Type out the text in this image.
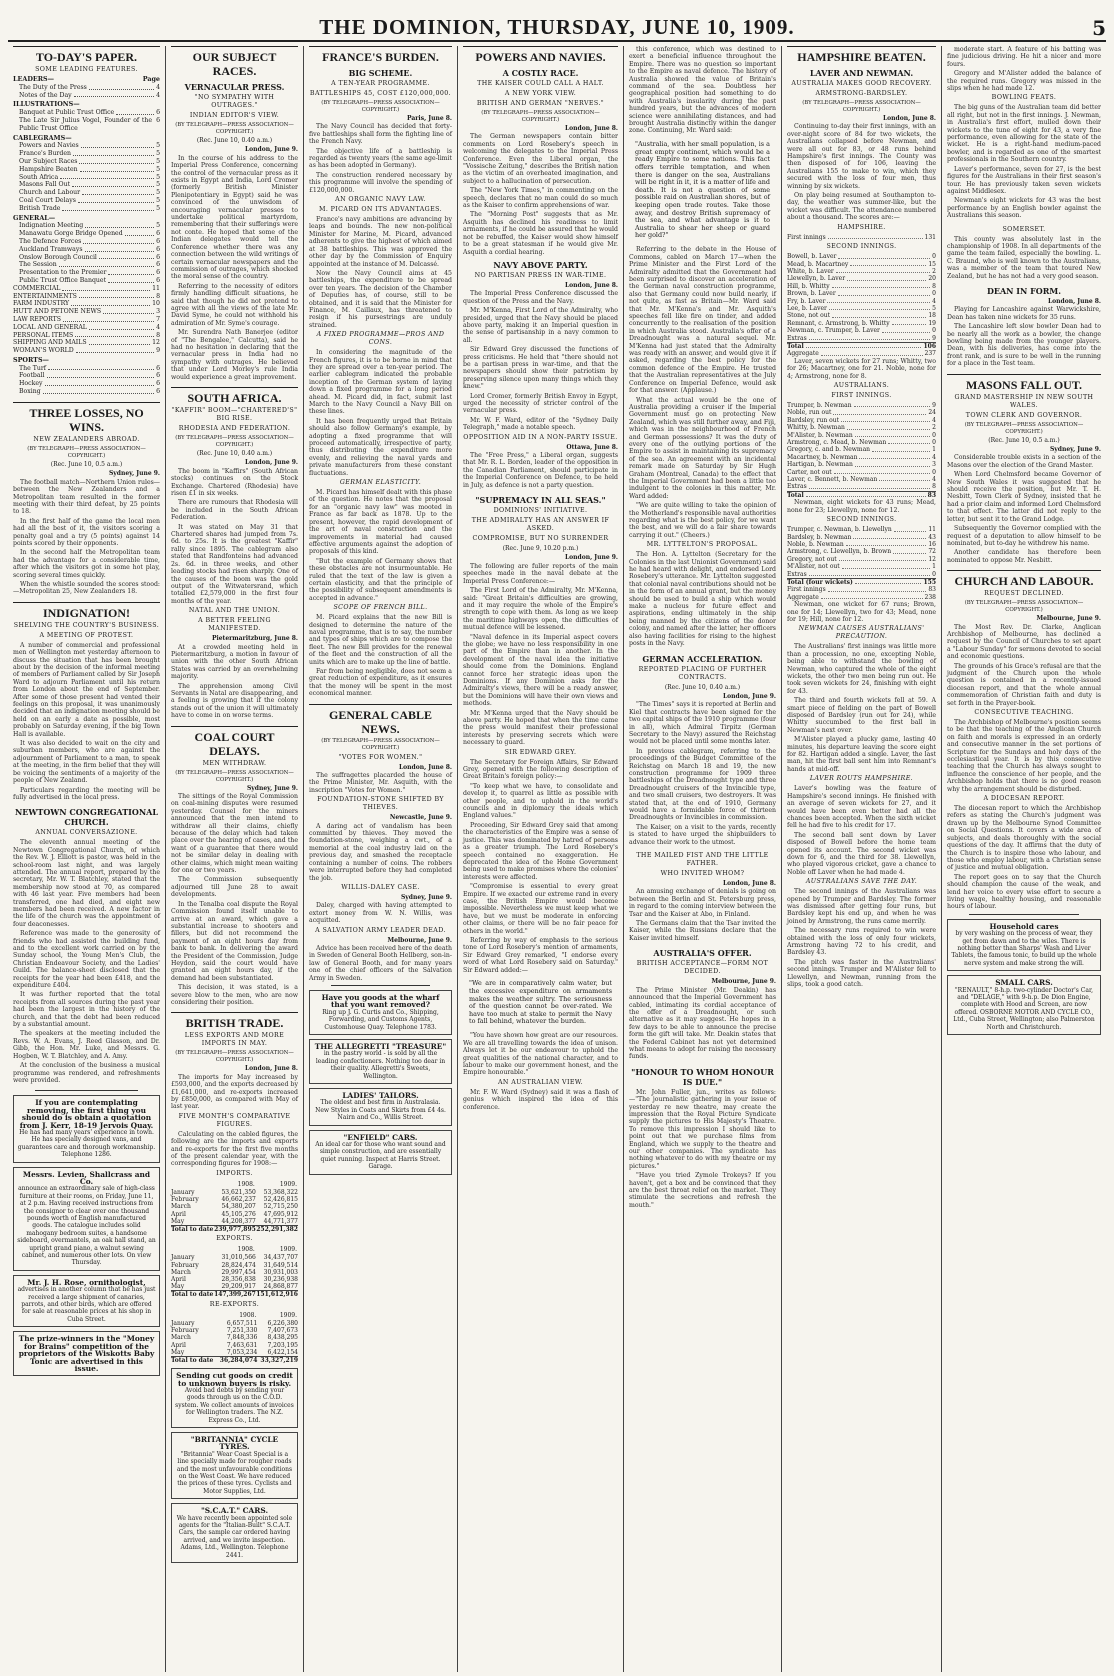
THE DOMINION, THURSDAY, JUNE 10, 1909.	5
TO-DAY'S PAPER.
SOME LEADING FEATURES.
LEADERS—	Page
The Duty of the Press	4
Notes of the Day	4
ILLUSTRATIONS—
Banquet at Public Trust Office	6
The Late Sir Julius Vogel, Founder of the Public Trust Office
6
CABLEGRAMS—
Powers and Navies	5
France's Burden	5
Our Subject Races	5
Hampshire Beaten	5
South Africa	5
Masons Fall Out	5
Church and Labour	5
Coal Court Delays	5
British Trade	5
GENERAL—
Indignation Meeting	5
Manawatu Gorge Bridge Opened	6
The Defence Forces	6
Auckland Tramways	6
Onslow Borough Council	6
The Session	6
Presentation to the Premier	6
Public Trust Office Banquet	6
COMMERCIAL	11
ENTERTAINMENTS	8
FARM INDUSTRY	10
HUTT AND PETONE NEWS	3
LAW REPORTS	7
LOCAL AND GENERAL	4
PERSONAL ITEMS	8
SHIPPING AND MAILS	12
WOMAN'S WORLD	9
SPORTS—
The Turf	6
Football	6
Hockey	6
Boxing	6
THREE LOSSES, NO WINS.
NEW ZEALANDERS ABROAD.
(BY TELEGRAPH—PRESS ASSOCIATION—COPYRIGHT.)
(Rec. June 10, 0.5 a.m.)
Sydney, June 9.

The football match—Northern Union rules—between the New Zealanders and a Metropolitan team resulted in the former meeting with their third defeat, by 25 points to 18.

In the first half of the game the local men had all the best of it, the visitors scoring a penalty goal and a try (5 points) against 14 points scored by their opponents.

In the second half the Metropolitan team had the advantage for a considerable time, after which the visitors got in some hot play, scoring several times quickly.

When the whistle sounded the scores stood:—Metropolitan 25, New Zealanders 18.

INDIGNATION!
SHELVING THE COUNTRY'S BUSINESS.
A MEETING OF PROTEST.

A number of commercial and professional men of Wellington met yesterday afternoon to discuss the situation that has been brought about by the decision of the informal meeting of members of Parliament called by Sir Joseph Ward to adjourn Parliament until his return from London about the end of September. After some of those present had vented their feelings on this proposal, it was unanimously decided that an indignation meeting should be held on an early a date as possible, most probably on Saturday evening, if the big Town Hall is available.

It was also decided to wait on the city and suburban members, who are against the adjournment of Parliament to a man, to speak at the meeting, in the firm belief that they will be voicing the sentiments of a majority of the people of New Zealand.

Particulars regarding the meeting will be fully advertised in the local press.

NEWTOWN CONGREGATIONAL CHURCH.
ANNUAL CONVERSAZIONE.

The eleventh annual meeting of the Newtown Congregational Church, of which the Rev. W. J. Elliott is pastor, was held in the school-room last night, and was largely attended. The annual report, prepared by the secretary, Mr. W. T. Blatchley, stated that the membership now stood at 70, as compared with 46 last year. Five members had been transferred, one had died, and eight new members had been received. A new factor in the life of the church was the appointment of four deaconesses.

Reference was made to the generosity of friends who had assisted the building fund, and to the excellent work carried on by the Sunday school, the Young Men's Club, the Christian Endeavour Society, and the Ladies' Guild. The balance-sheet disclosed that the receipts for the year had been £418, and the expenditure £404.

It was further reported that the total receipts from all sources during the past year had been the largest in the history of the church, and that the debt had been reduced by a substantial amount.

The speakers at the meeting included the Revs. W. A. Evans, J. Reed Glasson, and Dr. Gibb, the Hon. Mr. Luke, and Messrs. G. Hogben, W. T. Blatchley, and A. Amy.

At the conclusion of the business a musical programme was rendered, and refreshments were provided.

If you are contemplating removing, the first thing you should do is obtain a quotation from J. Kerr, 18-19 Jervois Quay.
He has had many years' experience in town. He has specially designed vans, and guarantees care and thorough workmanship. Telephone 1286.
Messrs. Levien, Shallcrass and Co.
announce an extraordinary sale of high-class furniture at their rooms, on Friday, June 11, at 2 p.m. Having received instructions from the consignor to clear over one thousand pounds worth of English manufactured goods. The catalogue includes solid mahogany bedroom suites, a handsome sideboard, overmantels, an oak hall stand, an upright grand piano, a walnut sewing cabinet, and numerous other lots. On view Thursday.
Mr. J. H. Rose, ornithologist,
advertises in another column that he has just received a large shipment of canaries, parrots, and other birds, which are offered for sale at reasonable prices at his shop in Cuba Street.
The prize-winners in the "Money for Brains" competition of the proprietors of the Wiskotts Baby Tonic are advertised in this issue.
OUR SUBJECT RACES.
VERNACULAR PRESS.
"NO SYMPATHY WITH OUTRAGES."
INDIAN EDITOR'S VIEW.
(BY TELEGRAPH—PRESS ASSOCIATION—COPYRIGHT.)
(Rec. June 10, 0.40 a.m.)
London, June 9.

In the course of his address to the Imperial Press Conference, concerning the control of the vernacular press as it exists in Egypt and India, Lord Cromer (formerly British Minister Plenipotentiary in Egypt) said he was convinced of the unwisdom of encouraging vernacular presses to undertake political martyrdom, remembering that their sufferings were not conte. He hoped that some of the Indian delegates would tell the Conference whether there was any connection between the wild writings of certain vernacular newspapers and the commission of outrages, which shocked the moral sense of the country.

Referring to the necessity of editors firmly handling difficult situations, he said that though he did not pretend to agree with all the views of the late Mr. David Syme, he could not withhold his admiration of Mr. Syme's courage.

Mr. Surendra Nath Banerjee (editor of "The Bengalee," Calcutta), said he had no hesitation in declaring that the vernacular press in India had no sympathy with outrages. He believed that under Lord Morley's rule India would experience a great improvement.

SOUTH AFRICA.
"KAFFIR" BOOM—"CHARTERED'S" BIG RISE.
RHODESIA AND FEDERATION.
(BY TELEGRAPH—PRESS ASSOCIATION—COPYRIGHT.)
(Rec. June 10, 0.40 a.m.)
London, June 9.

The boom in "Kaffirs" (South African stocks) continues on the Stock Exchange. Chartered (Rhodesia) have risen £1 in six weeks.

There are rumours that Rhodesia will be included in the South African Federation.

It was stated on May 31 that Chartered shares had jumped from 7s. 6d. to 25s. It is the greatest "Kaffir" rally since 1895. The cablegram also stated that Randfonteins had advanced 2s. 6d. in three weeks, and other leading stocks had risen sharply. One of the causes of the boom was the gold output of the Witwatersrand, which totalled £2,579,000 in the first four months of the year.

NATAL AND THE UNION.
A BETTER FEELING MANIFESTED.
Pietermaritzburg, June 8.

At a crowded meeting held in Pietermaritzburg, a motion in favour of union with the other South African States was carried by an overwhelming majority.

The apprehension among Civil Servants in Natal are disappearing, and a feeling is growing that if the colony stands out of the union it will ultimately have to come in on worse terms.

COAL COURT DELAYS.
MEN WITHDRAW.
(BY TELEGRAPH—PRESS ASSOCIATION—COPYRIGHT.)
Sydney, June 9.

The sittings of the Royal Commission on coal-mining disputes were resumed yesterday. Counsel for the miners announced that the men intend to withdraw all their claims, chiefly because of the delay which had taken place over the hearing of cases, and the want of a guarantee that there would not be similar delay in dealing with other claims, which might mean waiting for one or two years.

The Commission subsequently adjourned till June 28 to await developments.

In the Tenalba coal dispute the Royal Commission found itself unable to arrive at an award, which gave a substantial increase to shooters and fillers, but did not recommend the payment of an eight hours day from bank to bank. In delivering the award the President of the Commission, Judge Heydon, said the court would have granted an eight hours day, if the demand had been substantiated.

This decision, it was stated, is a severe blow to the men, who are now considering their position.

BRITISH TRADE.
LESS EXPORTS AND MORE IMPORTS IN MAY.
(BY TELEGRAPH—PRESS ASSOCIATION—COPYRIGHT.)
London, June 8.

The imports for May increased by £593,000, and the exports decreased by £1,641,000, and re-exports increased by £850,000, as compared with May of last year.

FIVE MONTH'S COMPARATIVE FIGURES.

Calculating on the cabled figures, the following are the imports and exports and re-exports for the first five months of the present calendar year, with the corresponding figures for 1908:—

IMPORTS.
	1908.	1909.
January	53,621,350	53,368,322
February	46,662,237	52,426,815
March	54,380,207	52,715,250
April	45,105,276	47,695,912
May	44,208,377	44,771,377
Total to date	239,977,895	252,291,382
EXPORTS.
	1908.	1909.
January	31,010,566	34,437,707
February	28,824,474	31,649,514
March	29,997,454	30,931,003
April	28,356,838	30,236,938
May	29,209,917	24,868,877
Total to date	147,399,267	151,612,916
RE-EXPORTS.
	1908.	1909.
January	6,657,511	6,226,380
February	7,251,330	7,407,673
March	7,848,336	8,438,295
April	7,463,631	7,203,195
May	7,053,234	6,422,154
Total to date	36,284,074	33,327,219
Sending cut goods on credit to unknown buyers is risky.
Avoid bad debts by sending your goods through us on the C.O.D. system. We collect amounts of invoices for Wellington traders. The N.Z. Express Co., Ltd.
"BRITANNIA" CYCLE TYRES.
"Britannia" Wear Coast Special is a line specially made for rougher roads and the most unfavourable conditions on the West Coast. We have reduced the prices of these tyres. Cyclists and Motor Supplies, Ltd.
"S.C.A.T." CARS.
We have recently been appointed sole agents for the "Italian-Built" S.C.A.T. Cars, the sample car ordered having arrived, and we invite inspection. Adams, Ltd., Wellington. Telephone 2441.
FRANCE'S BURDEN.
BIG SCHEME.
A TEN-YEAR PROGRAMME.
BATTLESHIPS 45, COST £120,000,000.
(BY TELEGRAPH—PRESS ASSOCIATION—COPYRIGHT.)
Paris, June 8.

The Navy Council has decided that forty-five battleships shall form the fighting line of the French Navy.

The objective life of a battleship is regarded as twenty years (the same age-limit as has been adopted in Germany).

The construction rendered necessary by this programme will involve the spending of £120,000,000.

AN ORGANIC NAVY LAW.
M. PICARD ON ITS ADVANTAGES.

France's navy ambitions are advancing by leaps and bounds. The new non-political Minister for Marine, M. Picard, advanced adherents to give the highest of which aimed at 38 battleships. This was approved the other day by the Commission of Enquiry appointed at the instance of M. Delcassé.

Now the Navy Council aims at 45 battleships, the expenditure to be spread over ten years. The decision of the Chamber of Deputies has, of course, still to be obtained, and it is said that the Minister for Finance, M. Caillaux, has threatened to resign if his pursestrings are unduly strained.

A FIXED PROGRAMME—PROS AND CONS.

In considering the magnitude of the French figures, it is to be borne in mind that they are spread over a ten-year period. The earlier cablegram indicated the probable inception of the German system of laying down a fixed programme for a long period ahead. M. Picard did, in fact, submit last March to the Navy Council a Navy Bill on these lines.

It has been frequently urged that Britain should also follow Germany's example, by adopting a fixed programme that will proceed automatically, irrespective of party, thus distributing the expenditure more evenly, and relieving the naval yards and private manufacturers from these constant fluctuations.

GERMAN ELASTICITY.

M. Picard has himself dealt with this phase of the question. He notes that the proposal for an "organic navy law" was mooted in France as far back as 1878. Up to the present, however, the rapid development of the art of naval construction and the improvements in material had caused effective arguments against the adoption of proposals of this kind.

"But the example of Germany shows that these obstacles are not insurmountable. He ruled that the text of the law is given a certain elasticity, and that the principle of the possibility of subsequent amendments is accepted in advance."

SCOPE OF FRENCH BILL.

M. Picard explains that the new Bill is designed to determine the nature of the naval programme, that is to say, the number and types of ships which are to compose the fleet. The new Bill provides for the renewal of the fleet and the construction of all the units which are to make up the line of battle.

Far from being negligible, does not seem a great reduction of expenditure, as it ensures that the money will be spent in the most economical manner.

GENERAL CABLE NEWS.
(BY TELEGRAPH—PRESS ASSOCIATION—COPYRIGHT.)
"VOTES FOR WOMEN."
London, June 8.

The suffragettes placarded the house of the Prime Minister, Mr. Asquith, with the inscription "Votes for Women."

FOUNDATION-STONE SHIFTED BY THIEVES.
Newcastle, June 9.

A daring act of vandalism has been committed by thieves. They moved the foundation-stone, weighing a cwt., of a memorial at the coal industry laid on the previous day, and smashed the receptacle containing a number of coins. The robbers were interrupted before they had completed the job.

WILLIS-DALEY CASE.
Sydney, June 9.

Daley, charged with having attempted to extort money from W. N. Willis, was acquitted.

A SALVATION ARMY LEADER DEAD.
Melbourne, June 9.

Advice has been received here of the death in Sweden of General Booth Hellberg, son-in-law of General Booth, and for many years one of the chief officers of the Salvation Army in Sweden.

Have you goods at the wharf that you want removed?
Ring up J. G. Curtis and Co., Shipping, Forwarding, and Customs Agents, Customhouse Quay. Telephone 1783.
THE ALLEGRETTI "TREASURE"
in the pastry world - is sold by all the leading confectioners. Nothing too dear in their quality. Allegretti's Sweets, Wellington.
LADIES' TAILORS.
The oldest and best firm in Australasia. New Styles in Coats and Skirts from £4 4s. Nairn and Co., Willis Street.
"ENFIELD" CARS.
An ideal car for those who want sound and simple construction, and are essentially quiet running. Inspect at Harris Street. Garage.
POWERS AND NAVIES.
A COSTLY RACE.
THE KAISER COULD CALL A HALT.
A NEW YORK VIEW.
BRITISH AND GERMAN "NERVES."
(BY TELEGRAPH—PRESS ASSOCIATION—COPYRIGHT.)
London, June 8.

The German newspapers contain bitter comments on Lord Rosebery's speech in welcoming the delegates to the Imperial Press Conference. Even the Liberal organ, the "Vossische Zeitung," describes the British nation as the victim of an overheated imagination, and subject to a hallucination of persecution.

The "New York Times," in commenting on the speech, declares that no man could do so much as the Kaiser to confirm apprehensions of war.

The "Morning Post" suggests that as Mr. Asquith has declined his readiness to limit armaments, if he could be assured that he would not be rebuffed, the Kaiser would show himself to be a great statesman if he would give Mr. Asquith a cordial hearing.

NAVY ABOVE PARTY.
NO PARTISAN PRESS IN WAR-TIME.
London, June 8.

The Imperial Press Conference discussed the question of the Press and the Navy.

Mr. M'Kenna, First Lord of the Admiralty, who presided, urged that the Navy should be placed above party, making it an Imperial question in the sense of partisanship in a navy common to all.

Sir Edward Grey discussed the functions of press criticisms. He held that "there should not be a partisan press in war-time, and that the newspapers should show their patriotism by preserving silence upon many things which they knew."

Lord Cromer, formerly British Envoy in Egypt, urged the necessity of stricter control of the vernacular press.

Mr. W. F. Ward, editor of the "Sydney Daily Telegraph," made a notable speech.

OPPOSITION AID IN A NON-PARTY ISSUE.
Ottawa, June 8.

The "Free Press," a Liberal organ, suggests that Mr. R. L. Borden, leader of the opposition in the Canadian Parliament, should participate in the Imperial Conference on Defence, to be held in July, as defence is not a party question.

"SUPREMACY IN ALL SEAS."
DOMINIONS' INITIATIVE.
THE ADMIRALTY HAS AN ANSWER IF ASKED.
COMPROMISE, BUT NO SURRENDER
(Rec. June 9, 10.20 p.m.)
London, June 9.

The following are fuller reports of the main speeches made in the naval debate at the Imperial Press Conference:—

The First Lord of the Admiralty, Mr. M'Kenna, said: "Great Britain's difficulties are growing, and it may require the whole of the Empire's strength to cope with them. As long as we keep the maritime highways open, the difficulties of mutual defence will be lessened.

"Naval defence in its Imperial aspect covers the globe; we have no less responsibility in one part of the Empire than in another. In the development of the naval idea the initiative should come from the Dominions. England cannot force her strategic ideas upon the Dominions. If any Dominion asks for the Admiralty's views, there will be a ready answer, but the Dominions will have their own views and methods.

Mr. M'Kenna urged that the Navy should be above party. He hoped that when the time came the press would manifest their professional interests by preserving secrets which were necessary to guard.

SIR EDWARD GREY.

The Secretary for Foreign Affairs, Sir Edward Grey, opened with the following description of Great Britain's foreign policy:—

"To keep what we have, to consolidate and develop it, to quarrel as little as possible with other people, and to uphold in the world's councils and in diplomacy the ideals which England values."

Proceeding, Sir Edward Grey said that among the characteristics of the Empire was a sense of justice. This was dominated by hatred of persons as a greater triumph. The Lord Rosebery's speech contained no exaggeration. He deprecated the idea of the Home Government being used to make promises where the colonies' interests were affected.

"Compromise is essential to every great Empire. If we exacted our extreme rand in every case, the British Empire would become impossible. Nevertheless we must keep what we have, but we must be moderate in enforcing other claims, or there will be no fair peace for others in the world."

Referring by way of emphasis to the serious tone of Lord Rosebery's mention of armaments, Sir Edward Grey remarked, "I endorse every word of what Lord Rosebery said on Saturday." Sir Edward added:—

"We are in comparatively calm water, but the excessive expenditure on armaments makes the weather sultry. The seriousness of the question cannot be over-rated. We have too much at stake to permit the Navy to fall behind, whatever the burden.

"You have shown how great are our resources. We are all travelling towards the idea of unison. Always let it be our endeavour to uphold the great qualities of the national character, and to labour to make our government honest, and the Empire honourable."

AN AUSTRALIAN VIEW.

Mr. F. W. Ward (Sydney) said it was a flash of genius which inspired the idea of this conference.

this conference, which was destined to exert a beneficial influence throughout the Empire. There was no question so important to the Empire as naval defence. The history of Australia showed the value of Britain's command of the sea. Doubtless her geographical position had something to do with Australia's insularity during the past hundred years, but the advances of modern science were annihilating distances, and had brought Australia distinctly within the danger zone. Continuing, Mr. Ward said:

"Australia, with her small population, is a great empty continent, which would be a ready Empire to some nations. This fact offers terrible temptation, and when there is danger on the sea, Australians will be right in it, it is a matter of life and death. It is not a question of some possible raid on Australian shores, but of keeping open trade routes. Take those away, and destroy British supremacy of the sea, and what advantage is it to Australia to shear her sheep or guard her gold?"

Referring to the debate in the House of Commons, cabled on March 17—when the Prime Minister and the First Lord of the Admiralty admitted that the Government had been surprised to discover an acceleration of the German naval construction programme, also that Germany could now build nearly, if not quite, as fast as Britain—Mr. Ward said that Mr. M'Kenna's and Mr. Asquith's speeches fell like fire on tinder, and added concurrently to the realisation of the position in which Australia stood. Australia's offer of a Dreadnought was a natural sequel. Mr. M'Kenna had just stated that the Admiralty was ready with an answer, and would give it if asked, regarding the best policy for the common defence of the Empire. He trusted that the Australian representatives at the July Conference on Imperial Defence, would ask for that answer. (Applause.)

What the actual would be the one of Australia providing a cruiser if the Imperial Government must go on protecting New Zealand, which was still further away, and Fiji, which was in the neighbourhood of French and German possessions? It was the duty of every one of the outlying portions of the Empire to assist in maintaining its supremacy of the sea. An agreement with an incidental remark made on Saturday by Sir Hugh Graham (Montreal, Canada) to the effect that the Imperial Government had been a little too indulgent to the colonies in this matter, Mr. Ward added:

"We are quite willing to take the opinion of the Motherland's responsible naval authorities regarding what is the best policy, for we want the best, and we will do a fair share towards carrying it out." (Cheers.)

MR. LYTTELTON'S PROPOSAL.

The Hon. A. Lyttelton (Secretary for the Colonies in the last Unionist Government) said he had heard with delight, and endorsed Lord Rosebery's utterance. Mr. Lyttelton suggested that colonial naval contributions should not be in the form of an annual grant, but the money should be used to build a ship which would make a nucleus for future effect and aspirations, ending ultimately in the ship being manned by the citizens of the donor colony, and named after the latter, her officers also having facilities for rising to the highest posts in the Navy.

GERMAN ACCELERATION.
REPORTED PLACING OF FURTHER CONTRACTS.
(Rec. June 10, 0.40 a.m.)
London, June 9.

"The Times" says it is reported at Berlin and Kiel that contracts have been signed for the two capital ships of the 1910 programme (four in all), which Admiral Tirpitz (German Secretary to the Navy) assured the Reichstag would not be placed until some months later.

In previous cablegram, referring to the proceedings of the Budget Committee of the Reichstag on March 18 and 19, the new construction programme for 1909 three battleships of the Dreadnought type and three Dreadnought cruisers of the Invincible type, and two small cruisers, two destroyers. It was stated that, at the end of 1910, Germany would have a formidable force of thirteen Dreadnoughts or Invincibles in commission.

The Kaiser, on a visit to the yards, recently is stated to have urged the shipbuilders to advance their work to the utmost.

THE MAILED FIST AND THE LITTLE FATHER.
WHO INVITED WHOM?
London, June 8.

An amusing exchange of denials is going on between the Berlin and St. Petersburg press, in regard to the coming interview between the Tsar and the Kaiser at Abo, in Finland.

The Germans claim that the Tsar invited the Kaiser, while the Russians declare that the Kaiser invited himself.

AUSTRALIA'S OFFER.
BRITISH ACCEPTANCE—FORM NOT DECIDED.
Melbourne, June 9.

The Prime Minister (Mr. Deakin) has announced that the Imperial Government has cabled, intimating its cordial acceptance of the offer of a Dreadnought, or such alternative as it may suggest. He hopes in a few days to be able to announce the precise form the gift will take. Mr. Deakin states that the Federal Cabinet has not yet determined what means to adopt for raising the necessary funds.

"HONOUR TO WHOM HONOUR IS DUE."

Mr. John Fuller, jun., writes as follows:—"The journalistic gathering in your issue of yesterday re new theatre, may create the impression that the Royal Picture Syndicate supply the pictures to His Majesty's Theatre. To remove this impression I should like to point out that we purchase films from England, which we supply to the theatre and our other companies. The syndicate has nothing whatever to do with my theatre or my pictures."

"Have you tried Zymole Trokeys? If you haven't, get a box and be convinced that they are the best throat relief on the market. They stimulate the secretions and refresh the mouth."

HAMPSHIRE BEATEN.
LAVER AND NEWMAN.
AUSTRALIA MAKES GOOD RECOVERY.
ARMSTRONG-BARDSLEY.
(BY TELEGRAPH—PRESS ASSOCIATION—COPYRIGHT.)
London, June 8.

Continuing to-day their first innings, with an over-night score of 84 for two wickets, the Australians collapsed before Newman, and were all out for 83, or 48 runs behind Hampshire's first innings. The County was then disposed of for 106, leaving the Australians 155 to make to win, which they secured with the loss of four men, thus winning by six wickets.

On play being resumed at Southampton to-day, the weather was summer-like, but the wicket was difficult. The attendance numbered about a thousand. The scores are:—

HAMPSHIRE.
First innings	131
SECOND INNINGS.
Bowell, b. Laver	0
Mead, b. Macartney	15
White, b. Laver	2
Llewellyn, b. Laver	20
Hill, b. Whitty	8
Brown, b. Laver	0
Fry, b. Laver	4
Lee, b. Laver	5
Stone, not out	18
Remnant, c. Armstrong, b. Whitty	19
Newman, c. Trumper, b. Laver	0
Extras	9
Total	106
Aggregate	237

Laver, seven wickets for 27 runs; Whitty, two for 26; Macartney, one for 21. Noble, none for 4; Armstrong, none for 8.

AUSTRALIANS.
FIRST INNINGS.
Trumper, b. Newman	9
Noble, run out	24
Bardsley, run out	4
Whitty, b. Newman	2
M'Alister, b. Newman	0
Armstrong, c. Mead, b. Newman	0
Gregory, c. and b. Newman	1
Macartney, b. Newman	4
Hartigan, b. Newman	3
Carter, not out	0
Laver, c. Bennett, b. Newman	4
Extras	8
Total	83

Newman, eight wickets for 43 runs; Mead, none for 23; Llewellyn, none for 12.

SECOND INNINGS.
Trumper, c. Newman, b. Llewellyn	11
Bardsley, b. Newman	43
Noble, b. Newman	16
Armstrong, c. Llewellyn, b. Brown	72
Gregory, not out	12
M'Alister, not out	1
Extras	0
Total (four wickets)	155
First innings	83
Aggregate	238

Newman, one wicket for 67 runs; Brown, one for 14; Llewellyn, two for 43; Mead, none for 19; Hill, none for 12.

NEWMAN CAUSES AUSTRALIANS' PRECAUTION.

The Australians' first innings was little more than a procession, no one, excepting Noble, being able to withstand the bowling of Newman, who captured the whole of the eight wickets, the other two men being run out. He took seven wickets for 24, finishing with eight for 43.

The third and fourth wickets fell at 59. A smart piece of fielding on the part of Bowell disposed of Bardsley (run out for 24), while Whitty succumbed to the first ball in Newman's next over.

M'Alister played a plucky game, lasting 40 minutes, his departure leaving the score eight for 82. Hartigan added a single. Laver, the last man, hit the first ball sent him into Remnant's hands at mid-off.

LAVER ROUTS HAMPSHIRE.

Laver's bowling was the feature of Hampshire's second innings. He finished with an average of seven wickets for 27, and it would have been even better had all the chances been accepted. When the sixth wicket fell he had five to his credit for 17.

The second ball sent down by Laver disposed of Bowell before the home team opened its account. The second wicket was down for 6, and the third for 38. Llewellyn, who played vigorous cricket, gave a chance to Noble off Laver when he had made 4.

AUSTRALIANS SAVE THE DAY.

The second innings of the Australians was opened by Trumper and Bardsley. The former was dismissed after getting four runs, but Bardsley kept his end up, and when he was joined by Armstrong, the runs came merrily.

The necessary runs required to win were obtained with the loss of only four wickets, Armstrong having 72 to his credit, and Bardsley 43.

The pitch was faster in the Australians' second innings. Trumper and M'Alister fell to Llewellyn, and Newman, running from the slips, took a good catch.

moderate start. A feature of his batting was fine judicious driving. He hit a nicer and more fours.

Gregory and M'Alister added the balance of the required runs. Gregory was missed in the slips when he had made 12.

BOWLING FEATS.

The big guns of the Australian team did better all right, but not in the first innings. J. Newman, in Australia's first effort, mulled down their wickets to the tune of eight for 43, a very fine performance, even allowing for the state of the wicket. He is a right-hand medium-paced bowler, and is regarded as one of the smartest professionals in the Southern country.

Laver's performance, seven for 27, is the best figures for the Australians in their first season's tour. He has previously taken seven wickets against Middlesex.

Newman's eight wickets for 43 was the best performance by an English bowler against the Australians this season.

SOMERSET.

This county was absolutely last in the championship of 1908. In all departments of the game the team failed, especially the bowling. L. C. Braund, who is well known to the Australians, was a member of the team that toured New Zealand, but he has not had a very good season.

DEAN IN FORM.
London, June 8.

Playing for Lancashire against Warwickshire, Dean has taken nine wickets for 35 runs.

The Lancashire left slow bowler Dean had to be nearly all the work as a bowler, the change bowling being made from the younger players. Dean, with his deliveries, has come into the front rank, and is sure to be well in the running for a place in the Test team.

MASONS FALL OUT.
GRAND MASTERSHIP IN NEW SOUTH WALES.
TOWN CLERK AND GOVERNOR.
(BY TELEGRAPH—PRESS ASSOCIATION—COPYRIGHT.)
(Rec. June 10, 0.5 a.m.)
Sydney, June 9.

Considerable trouble exists in a section of the Masons over the election of the Grand Master.

When Lord Chelmsford became Governor of New South Wales it was suggested that he should receive the position, but Mr. T. H. Nesbitt, Town Clerk of Sydney, insisted that he had a prior claim and informed Lord Chelmsford to that effect. The latter did not reply to the letter, but sent it to the Grand Lodge.

Subsequently the Governor complied with the request of a deputation to allow himself to be nominated, but to-day he withdrew his name.

Another candidate has therefore been nominated to oppose Mr. Nesbitt.

CHURCH AND LABOUR.
REQUEST DECLINED.
(BY TELEGRAPH—PRESS ASSOCIATION—COPYRIGHT.)
Melbourne, June 9.

The Most Rev. Dr. Clarke, Anglican Archbishop of Melbourne, has declined a request by the Council of Churches to set apart a "Labour Sunday" for sermons devoted to social and economic questions.

The grounds of his Grace's refusal are that the judgment of the Church upon the whole question is contained in a recently-issued diocesan report, and that the whole annual commemoration of Christian faith and duty is set forth in the Prayer-book.

CONSECUTIVE TEACHING.

The Archbishop of Melbourne's position seems to be that the teaching of the Anglican Church on faith and morals is expressed in an orderly and consecutive manner in the set portions of Scripture for the Sundays and holy days of the ecclesiastical year. It is by this consecutive teaching that the Church has always sought to influence the conscience of her people, and the Archbishop holds that there is no good reason why the arrangement should be disturbed.

A DIOCESAN REPORT.

The diocesan report to which the Archbishop refers as stating the Church's judgment was drawn up by the Melbourne Synod Committee on Social Questions. It covers a wide area of subjects, and deals thoroughly with the social questions of the day. It affirms that the duty of the Church is to inspire those who labour, and those who employ labour, with a Christian sense of justice and mutual obligation.

The report goes on to say that the Church should champion the cause of the weak, and lend her voice to every wise effort to secure a living wage, healthy housing, and reasonable hours of labour.

Household cares
by very washing on the process of wear, they get from dawn and to the wiles. There is nothing better than Sharps' Wash and Liver Tablets, the famous tonic, to build up the whole nerve system and make strong the will.
SMALL CARS.
"RENAULT," 8-h.p. two-cylinder Doctor's Car, and "DELAGE," with 9-h.p. De Dion Engine, complete with Hood and Screen, are now offered. OSBORNE MOTOR AND CYCLE CO., Ltd., Cuba Street, Wellington; also Palmerston North and Christchurch.
